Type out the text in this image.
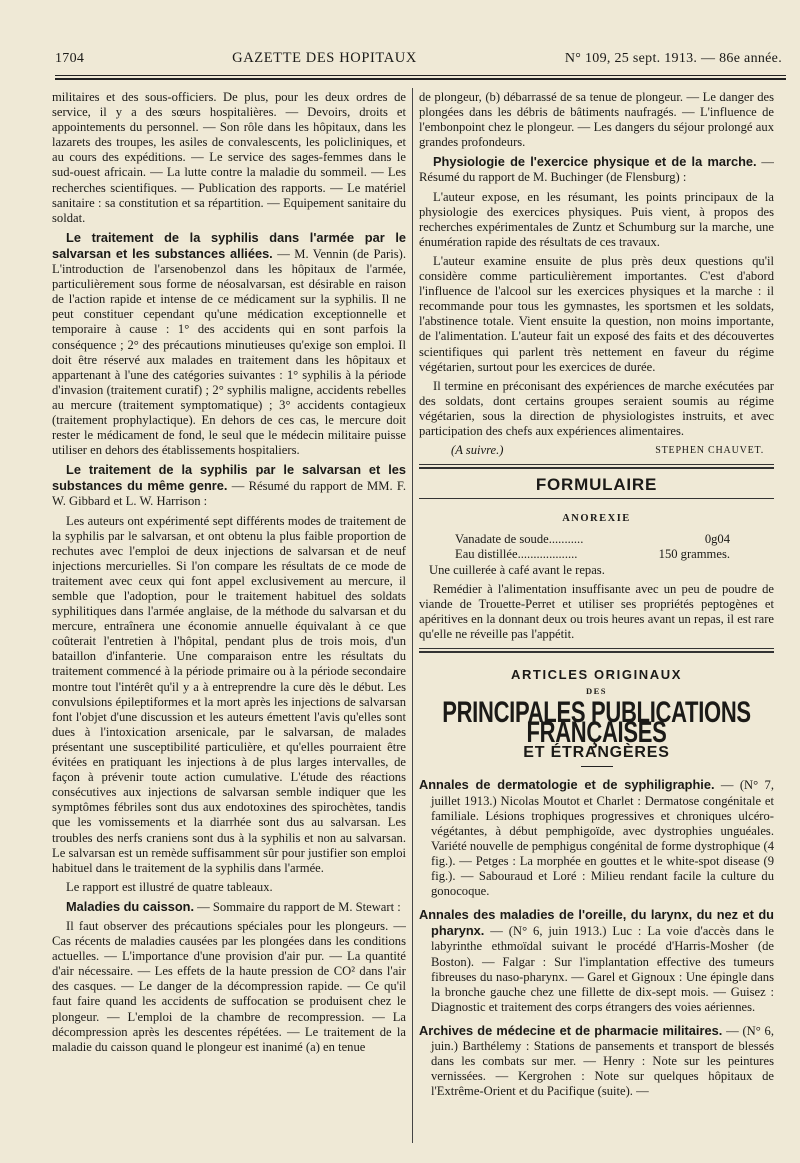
1704	GAZETTE DES HOPITAUX	N° 109, 25 sept. 1913. — 86e année.

militaires et des sous-officiers. De plus, pour les deux ordres de service, il y a des sœurs hospitalières. — Devoirs, droits et appointements du personnel. — Son rôle dans les hôpitaux, dans les lazarets des troupes, les asiles de convalescents, les policliniques, et au cours des expéditions. — Le service des sages-femmes dans le sud-ouest africain. — La lutte contre la maladie du sommeil. — Les recherches scientifiques. — Publication des rapports. — Le matériel sanitaire : sa constitution et sa répartition. — Equipement sanitaire du soldat.

Le traitement de la syphilis dans l'armée par le salvarsan et les substances alliées. — M. Vennin (de Paris). L'introduction de l'arsenobenzol dans les hôpitaux de l'armée, particulièrement sous forme de néosalvarsan, est désirable en raison de l'action rapide et intense de ce médicament sur la syphilis. Il ne peut constituer cependant qu'une médication exceptionnelle et temporaire à cause : 1° des accidents qui en sont parfois la conséquence ; 2° des précautions minutieuses qu'exige son emploi. Il doit être réservé aux malades en traitement dans les hôpitaux et appartenant à l'une des catégories suivantes : 1° syphilis à la période d'invasion (traitement curatif) ; 2° syphilis maligne, accidents rebelles au mercure (traitement symptomatique) ; 3° accidents contagieux (traitement prophylactique). En dehors de ces cas, le mercure doit rester le médicament de fond, le seul que le médecin militaire puisse utiliser en dehors des établissements hospitaliers.

Le traitement de la syphilis par le salvarsan et les substances du même genre. — Résumé du rapport de MM. F. W. Gibbard et L. W. Harrison :

Les auteurs ont expérimenté sept différents modes de traitement de la syphilis par le salvarsan, et ont obtenu la plus faible proportion de rechutes avec l'emploi de deux injections de salvarsan et de neuf injections mercurielles. Si l'on compare les résultats de ce mode de traitement avec ceux qui font appel exclusivement au mercure, il semble que l'adoption, pour le traitement habituel des soldats syphilitiques dans l'armée anglaise, de la méthode du salvarsan et du mercure, entraînera une économie annuelle équivalant à ce que coûterait l'entretien à l'hôpital, pendant plus de trois mois, d'un bataillon d'infanterie. Une comparaison entre les résultats du traitement commencé à la période primaire ou à la période secondaire montre tout l'intérêt qu'il y a à entreprendre la cure dès le début. Les convulsions épileptiformes et la mort après les injections de salvarsan font l'objet d'une discussion et les auteurs émettent l'avis qu'elles sont dues à l'intoxication arsenicale, par le salvarsan, de malades présentant une susceptibilité particulière, et qu'elles pourraient être évitées en pratiquant les injections à de plus larges intervalles, de façon à prévenir toute action cumulative. L'étude des réactions consécutives aux injections de salvarsan semble indiquer que les symptômes fébriles sont dus aux endotoxines des spirochètes, tandis que les vomissements et la diarrhée sont dus au salvarsan. Les troubles des nerfs craniens sont dus à la syphilis et non au salvarsan. Le salvarsan est un remède suffisamment sûr pour justifier son emploi habituel dans le traitement de la syphilis dans l'armée.

Le rapport est illustré de quatre tableaux.

Maladies du caisson. — Sommaire du rapport de M. Stewart :

Il faut observer des précautions spéciales pour les plongeurs. — Cas récents de maladies causées par les plongées dans les conditions actuelles. — L'importance d'une provision d'air pur. — La quantité d'air nécessaire. — Les effets de la haute pression de CO² dans l'air des casques. — Le danger de la décompression rapide. — Ce qu'il faut faire quand les accidents de suffocation se produisent chez le plongeur. — L'emploi de la chambre de recompression. — La décompression après les descentes répétées. — Le traitement de la maladie du caisson quand le plongeur est inanimé (a) en tenue

de plongeur, (b) débarrassé de sa tenue de plongeur. — Le danger des plongées dans les débris de bâtiments naufragés. — L'influence de l'embonpoint chez le plongeur. — Les dangers du séjour prolongé aux grandes profondeurs.

Physiologie de l'exercice physique et de la marche. — Résumé du rapport de M. Buchinger (de Flensburg) :

L'auteur expose, en les résumant, les points principaux de la physiologie des exercices physiques. Puis vient, à propos des recherches expérimentales de Zuntz et Schumburg sur la marche, une énumération rapide des résultats de ces travaux.

L'auteur examine ensuite de plus près deux questions qu'il considère comme particulièrement importantes. C'est d'abord l'influence de l'alcool sur les exercices physiques et la marche : il recommande pour tous les gymnastes, les sportsmen et les soldats, l'abstinence totale. Vient ensuite la question, non moins importante, de l'alimentation. L'auteur fait un exposé des faits et des découvertes scientifiques qui parlent très nettement en faveur du régime végétarien, surtout pour les exercices de durée.

Il termine en préconisant des expériences de marche exécutées par des soldats, dont certains groupes seraient soumis au régime végétarien, sous la direction de physiologistes instruits, et avec participation des chefs aux expériences alimentaires.

(A suivre.)	STEPHEN CHAUVET.
FORMULAIRE
ANOREXIE
Vanadate de soude...........	0g04
Eau distillée...................	150 grammes.

Une cuillerée à café avant le repas.

Remédier à l'alimentation insuffisante avec un peu de poudre de viande de Trouette-Perret et utiliser ses propriétés peptogènes et apéritives en la donnant deux ou trois heures avant un repas, il est rare qu'elle ne réveille pas l'appétit.

ARTICLES ORIGINAUX
DES
PRINCIPALES PUBLICATIONS FRANÇAISES
ET ÉTRANGÈRES

Annales de dermatologie et de syphiligraphie. — (N° 7, juillet 1913.) Nicolas Moutot et Charlet : Dermatose congénitale et familiale. Lésions trophiques progressives et chroniques ulcéro-végétantes, à début pemphigoïde, avec dystrophies unguéales. Variété nouvelle de pemphigus congénital de forme dystrophique (4 fig.). — Petges : La morphée en gouttes et le white-spot disease (9 fig.). — Sabouraud et Loré : Milieu rendant facile la culture du gonocoque.

Annales des maladies de l'oreille, du larynx, du nez et du pharynx. — (N° 6, juin 1913.) Luc : La voie d'accès dans le labyrinthe ethmoïdal suivant le procédé d'Harris-Mosher (de Boston). — Falgar : Sur l'implantation effective des tumeurs fibreuses du naso-pharynx. — Garel et Gignoux : Une épingle dans la bronche gauche chez une fillette de dix-sept mois. — Guisez : Diagnostic et traitement des corps étrangers des voies aériennes.

Archives de médecine et de pharmacie militaires. — (N° 6, juin.) Barthélemy : Stations de pansements et transport de blessés dans les combats sur mer. — Henry : Note sur les peintures vernissées. — Kergrohen : Note sur quelques hôpitaux de l'Extrême-Orient et du Pacifique (suite). —
